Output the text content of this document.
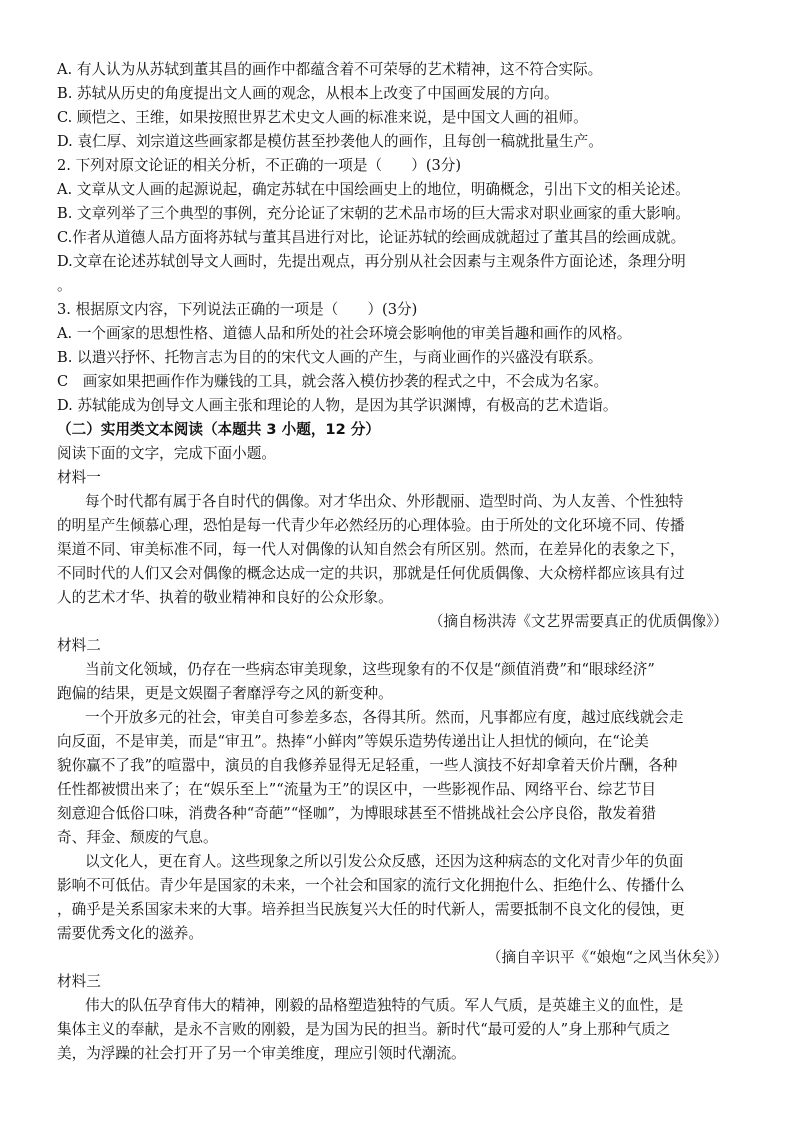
A. 有人认为从苏轼到董其昌的画作中都蕴含着不可荣辱的艺术精神，这不符合实际。
B. 苏轼从历史的角度提出文人画的观念，从根本上改变了中国画发展的方向。
C. 顾恺之、王维，如果按照世界艺术史文人画的标准来说，是中国文人画的祖师。
D. 袁仁厚、刘宗道这些画家都是模仿甚至抄袭他人的画作，且每创一稿就批量生产。
2. 下列对原文论证的相关分析，不正确的一项是（　　）(3分)
A. 文章从文人画的起源说起，确定苏轼在中国绘画史上的地位，明确概念，引出下文的相关论述。
B. 文章列举了三个典型的事例，充分论证了宋朝的艺术品市场的巨大需求对职业画家的重大影响。
C.作者从道德人品方面将苏轼与董其昌进行对比，论证苏轼的绘画成就超过了董其昌的绘画成就。
D.文章在论述苏轼创导文人画时，先提出观点，再分别从社会因素与主观条件方面论述，条理分明
。
3. 根据原文内容，下列说法正确的一项是（　　）(3分)
A. 一个画家的思想性格、道德人品和所处的社会环境会影响他的审美旨趣和画作的风格。
B. 以遣兴抒怀、托物言志为目的的宋代文人画的产生，与商业画作的兴盛没有联系。
C　画家如果把画作作为赚钱的工具，就会落入模仿抄袭的程式之中，不会成为名家。
D. 苏轼能成为创导文人画主张和理论的人物，是因为其学识渊博，有极高的艺术造诣。
（二）实用类文本阅读（本题共 3 小题，12 分）
阅读下面的文字，完成下面小题。
材料一
每个时代都有属于各自时代的偶像。对才华出众、外形靓丽、造型时尚、为人友善、个性独特
的明星产生倾慕心理，恐怕是每一代青少年必然经历的心理体验。由于所处的文化环境不同、传播
渠道不同、审美标准不同，每一代人对偶像的认知自然会有所区别。然而，在差异化的表象之下，
不同时代的人们又会对偶像的概念达成一定的共识，那就是任何优质偶像、大众榜样都应该具有过
人的艺术才华、执着的敬业精神和良好的公众形象。
（摘自杨洪涛《文艺界需要真正的优质偶像》）
材料二
当前文化领域，仍存在一些病态审美现象，这些现象有的不仅是“颜值消费”和“眼球经济”
跑偏的结果，更是文娱圈子奢靡浮夸之风的新变种。
一个开放多元的社会，审美自可参差多态，各得其所。然而，凡事都应有度，越过底线就会走
向反面，不是审美，而是“审丑”。热捧“小鲜肉”等娱乐造势传递出让人担忧的倾向，在“论美
貌你赢不了我”的喧嚣中，演员的自我修养显得无足轻重，一些人演技不好却拿着天价片酬，各种
任性都被惯出来了；在“娱乐至上”“流量为王”的误区中，一些影视作品、网络平台、综艺节目
刻意迎合低俗口味，消费各种“奇葩”“怪咖”，为博眼球甚至不惜挑战社会公序良俗，散发着猎
奇、拜金、颓废的气息。
以文化人，更在育人。这些现象之所以引发公众反感，还因为这种病态的文化对青少年的负面
影响不可低估。青少年是国家的未来，一个社会和国家的流行文化拥抱什么、拒绝什么、传播什么
，确乎是关系国家未来的大事。培养担当民族复兴大任的时代新人，需要抵制不良文化的侵蚀，更
需要优秀文化的滋养。
（摘自辛识平《“娘炮“之风当休矣》）
材料三
伟大的队伍孕育伟大的精神，刚毅的品格塑造独特的气质。军人气质，是英雄主义的血性，是
集体主义的奉献，是永不言败的刚毅，是为国为民的担当。新时代“最可爱的人”身上那种气质之
美，为浮躁的社会打开了另一个审美维度，理应引领时代潮流。
